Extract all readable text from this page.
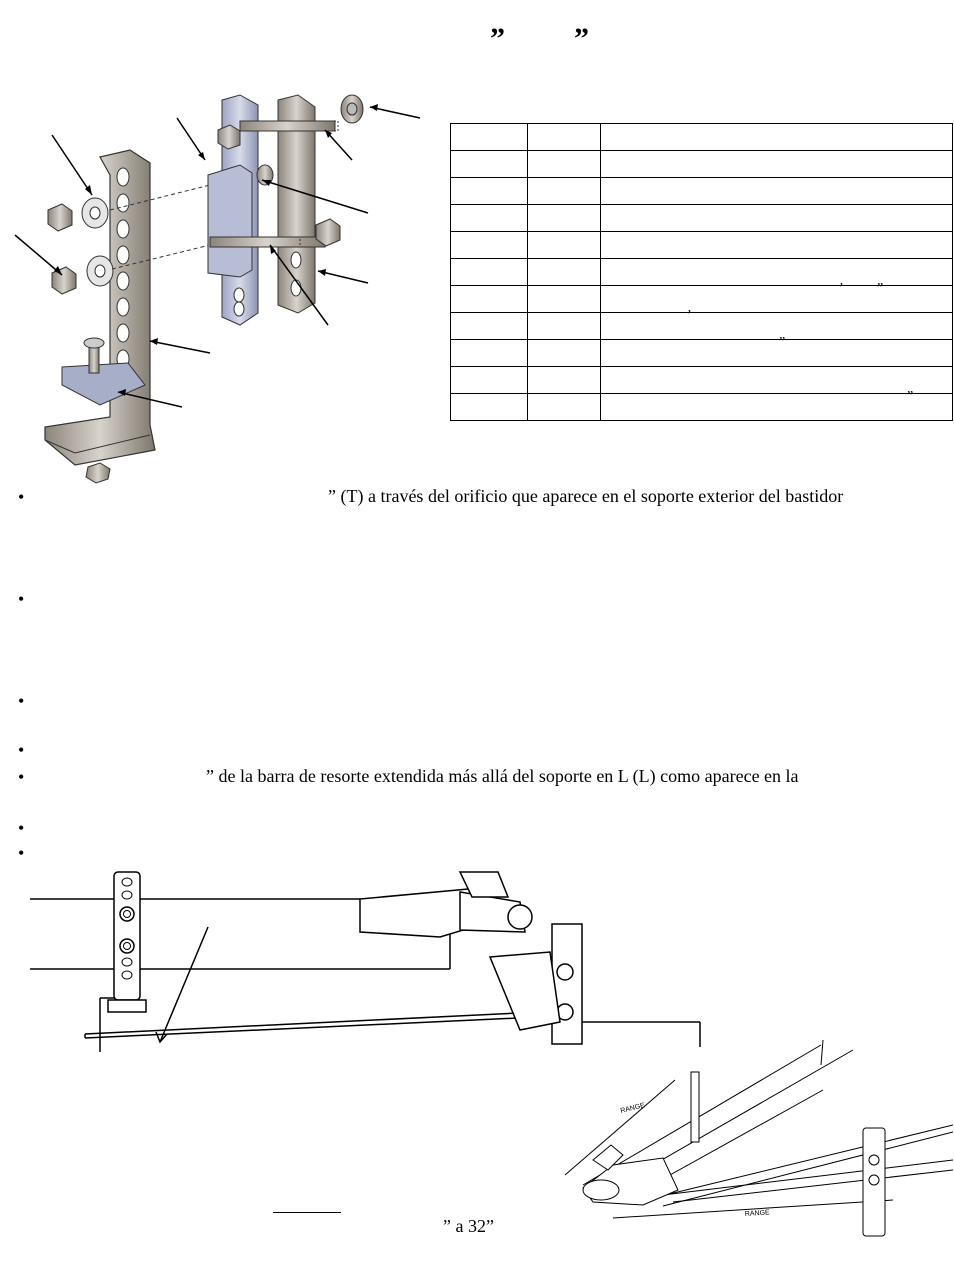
” ”

		’ ”

		’

		”

		”
•	” (T) a través del orificio que aparece en el soporte exterior del bastidor
•
•
•
•	” de la barra de resorte extendida más allá del soporte en L (L) como aparece en la
•
•
RANGE
RANGE
” a 32”
